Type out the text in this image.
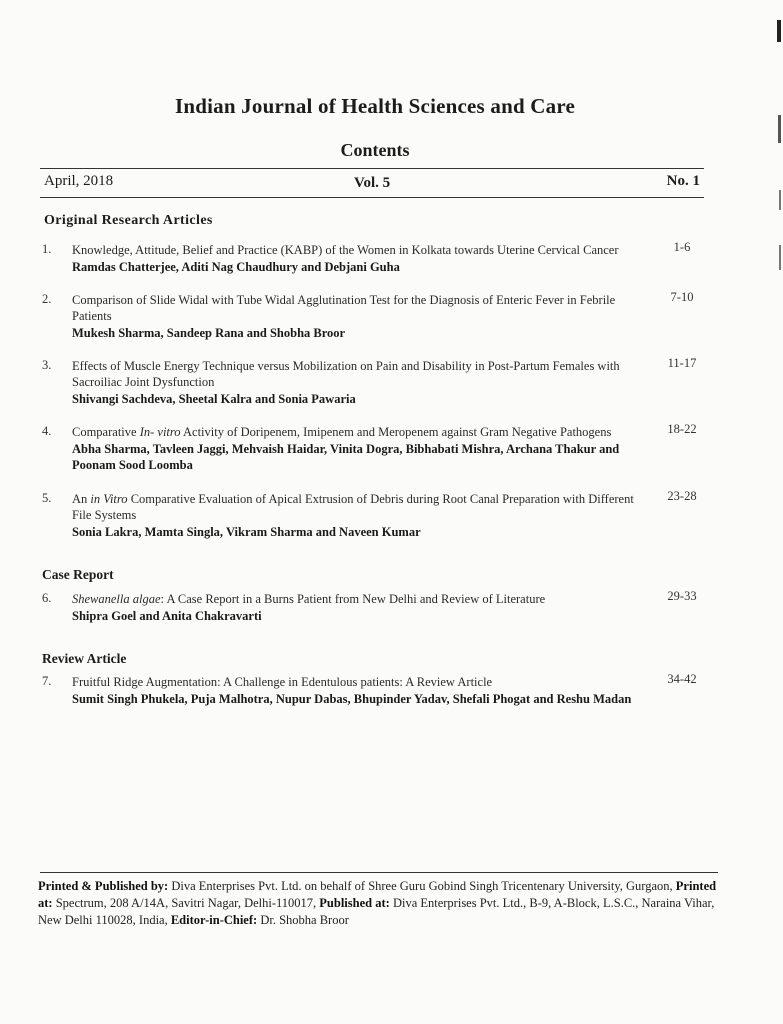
Indian Journal of Health Sciences and Care
Contents
April, 2018	Vol. 5	No. 1
Original Research Articles
1. Knowledge, Attitude, Belief and Practice (KABP) of the Women in Kolkata towards Uterine Cervical Cancer
Ramdas Chatterjee, Aditi Nag Chaudhury and Debjani Guha
1-6
2. Comparison of Slide Widal with Tube Widal Agglutination Test for the Diagnosis of Enteric Fever in Febrile Patients
Mukesh Sharma, Sandeep Rana and Shobha Broor
7-10
3. Effects of Muscle Energy Technique versus Mobilization on Pain and Disability in Post-Partum Females with Sacroiliac Joint Dysfunction
Shivangi Sachdeva, Sheetal Kalra and Sonia Pawaria
11-17
4. Comparative In- vitro Activity of Doripenem, Imipenem and Meropenem against Gram Negative Pathogens
Abha Sharma, Tavleen Jaggi, Mehvaish Haidar, Vinita Dogra, Bibhabati Mishra, Archana Thakur and Poonam Sood Loomba
18-22
5. An in Vitro Comparative Evaluation of Apical Extrusion of Debris during Root Canal Preparation with Different File Systems
Sonia Lakra, Mamta Singla, Vikram Sharma and Naveen Kumar
23-28
Case Report
6. Shewanella algae: A Case Report in a Burns Patient from New Delhi and Review of Literature
Shipra Goel and Anita Chakravarti
29-33
Review Article
7. Fruitful Ridge Augmentation: A Challenge in Edentulous patients: A Review Article
Sumit Singh Phukela, Puja Malhotra, Nupur Dabas, Bhupinder Yadav, Shefali Phogat and Reshu Madan
34-42
Printed & Published by: Diva Enterprises Pvt. Ltd. on behalf of Shree Guru Gobind Singh Tricentenary University, Gurgaon, Printed at: Spectrum, 208 A/14A, Savitri Nagar, Delhi-110017, Published at: Diva Enterprises Pvt. Ltd., B-9, A-Block, L.S.C., Naraina Vihar, New Delhi 110028, India, Editor-in-Chief: Dr. Shobha Broor
